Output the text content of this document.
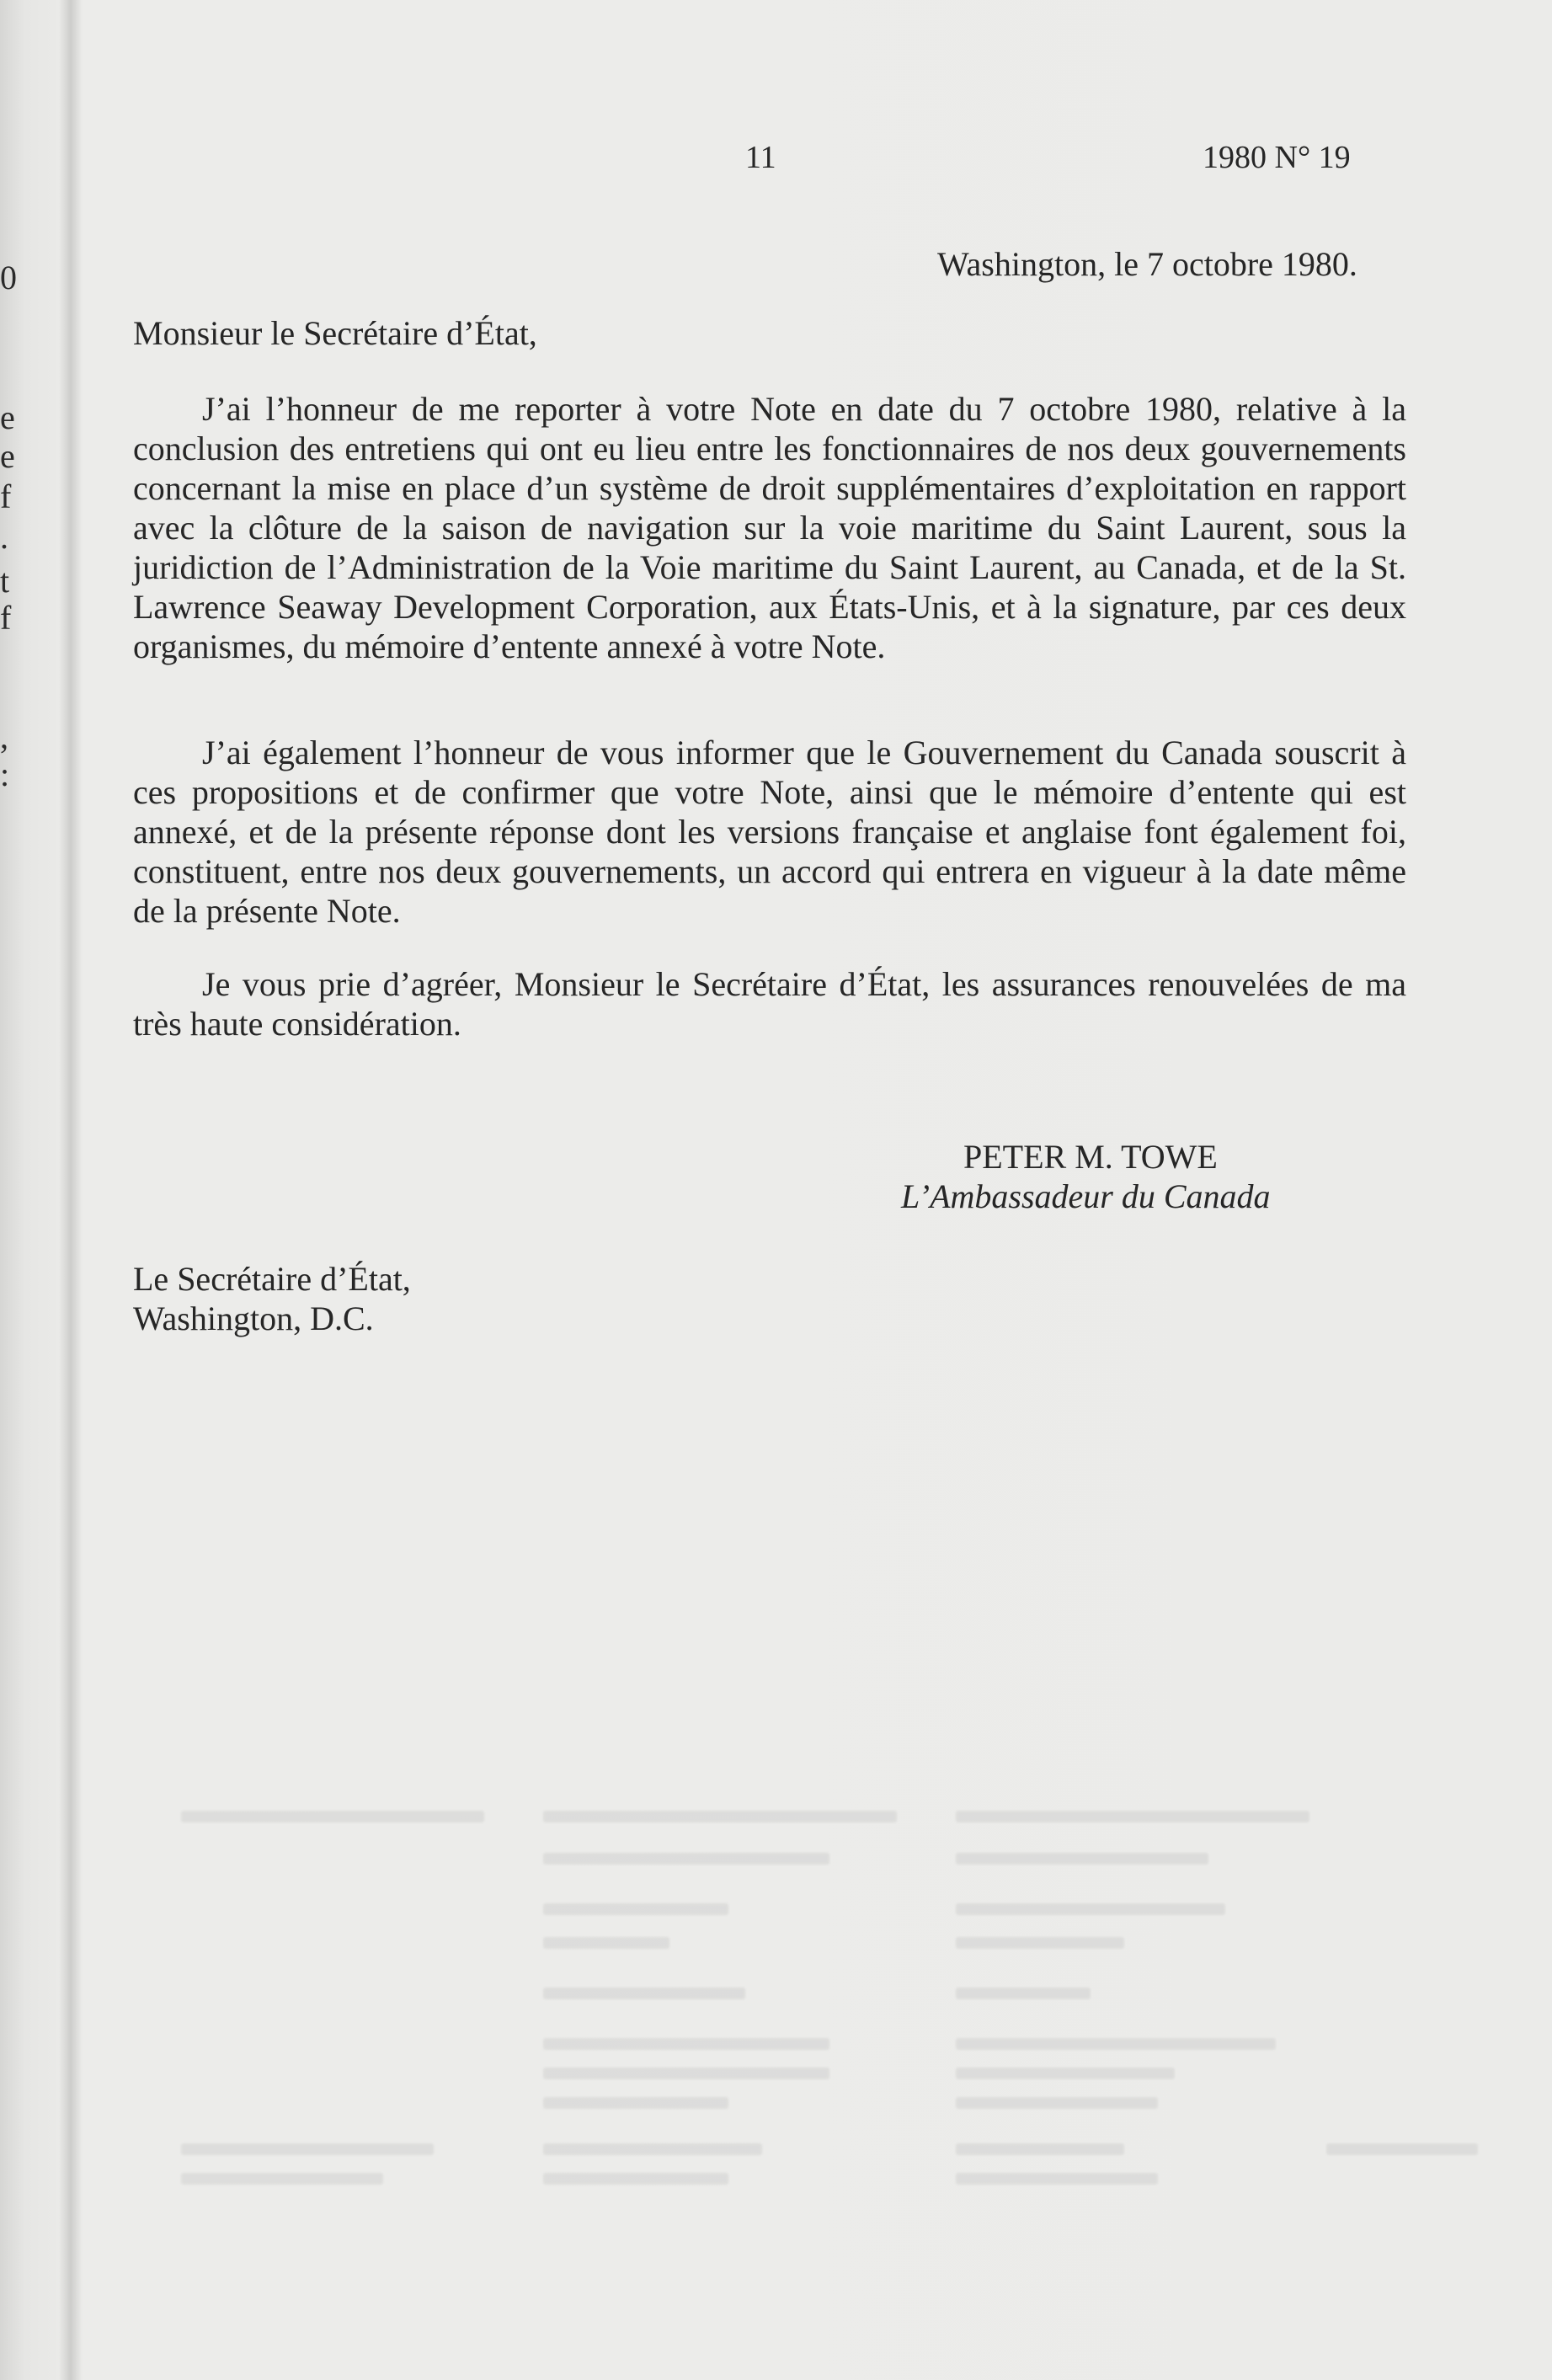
0
e
e
f
.
t
f
,
:
11	1980 N° 19
Washington, le 7 octobre 1980.
Monsieur le Secrétaire d’État,

J’ai l’honneur de me reporter à votre Note en date du 7 octobre 1980, relative à la conclusion des entretiens qui ont eu lieu entre les fonctionnaires de nos deux gouvernements concernant la mise en place d’un système de droit supplémentaires d’exploitation en rapport avec la clôture de la saison de navigation sur la voie maritime du Saint Laurent, sous la juridiction de l’Administration de la Voie maritime du Saint Laurent, au Canada, et de la St. Lawrence Seaway Development Corporation, aux États-Unis, et à la signature, par ces deux organismes, du mémoire d’entente annexé à votre Note.

J’ai également l’honneur de vous informer que le Gouvernement du Canada souscrit à ces propositions et de confirmer que votre Note, ainsi que le mémoire d’entente qui est annexé, et de la présente réponse dont les versions française et anglaise font également foi, constituent, entre nos deux gouvernements, un accord qui entrera en vigueur à la date même de la présente Note.

Je vous prie d’agréer, Monsieur le Secrétaire d’État, les assurances renouvelées de ma très haute considération.

PETER M. TOWE
L’Ambassadeur du Canada
Le Secrétaire d’État,
Washington, D.C.
